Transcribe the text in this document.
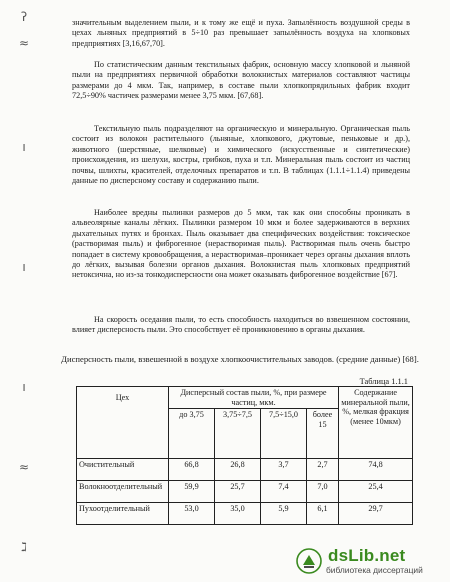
ʔ
≈
ı
ı
ı
≈
ℷ

значительным выделением пыли, и к тому же ещё и пуха. Запылённость воздушной среды в цехах льняных предприятий в 5÷10 раз превышает запылённость воздуха на хлопковых предприятиях [3,16,67,70].

По статистическим данным текстильных фабрик, основную массу хлопковой и льняной пыли на предприятиях первичной обработки волокнистых материалов составляют частицы размерами до 4 мкм. Так, например, в составе пыли хлопкопрядильных фабрик входит 72,5÷90% частичек размерами менее 3,75 мкм. [67,68].

Текстильную пыль подразделяют на органическую и минеральную. Органическая пыль состоит из волокон растительного (льняные, хлопкового, джутовые, пеньковые и др.), животного (шерстяные, шелковые) и химического (искусственные и синтетические) происхождения, из шелухи, костры, грибков, пуха и т.п. Минеральная пыль состоит из частиц почвы, шлихты, красителей, отделочных препаратов и т.п. В таблицах (1.1.1÷1.1.4) приведены данные по дисперсному составу и содержанию пыли.

Наиболее вредны пылинки размеров до 5 мкм, так как они способны проникать в альвеолярные каналы лёгких. Пылинки размером 10 мкм и более задерживаются в верхних дыхательных путях и бронхах. Пыль оказывает два специфических воздействия: токсическое (растворимая пыль) и фиброгенное (нерастворимая пыль). Растворимая пыль очень быстро попадает в систему кровообращения, а нерастворимая–проникает через органы дыхания вплоть до лёгких, вызывая болезни органов дыхания. Волокнистая пыль хлопковых предприятий нетоксична, но из-за тонкодисперсности она может оказывать фиброгенное воздействие [67].

На скорость оседания пыли, то есть способность находиться во взвешенном состоянии, влияет дисперсность пыли. Это способствует её проникновению в органы дыхания.

Дисперсность пыли, взвешенной в воздухе хлопкоочистительных заводов. (средние данные) [68].

Таблица 1.1.1
Цех	Дисперсный состав пыли, %, при размере частиц, мкм.				Содержание минеральной пыли, %, мелкая фракция (менее 10мкм)
	до 3,75	3,75÷7,5	7,5÷15,0	более 15	
Очистительный	66,8	26,8	3,7	2,7	74,8
Волокноотделительный	59,9	25,7	7,4	7,0	25,4
Пухоотделительный	53,0	35,0	5,9	6,1	29,7
dsLib.net
библиотека диссертаций
